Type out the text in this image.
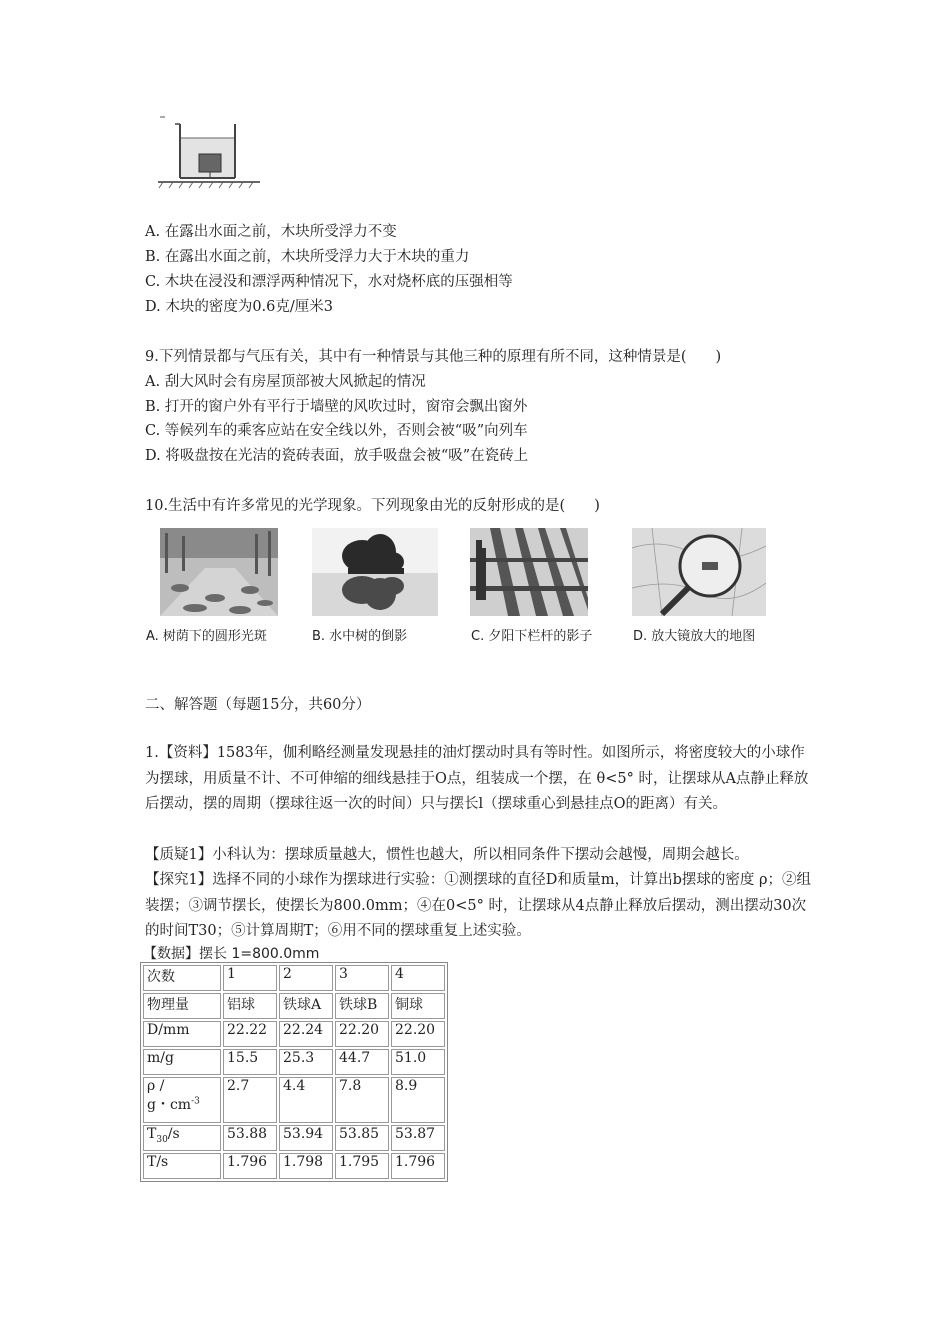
A. 在露出水面之前，木块所受浮力不变
B. 在露出水面之前，木块所受浮力大于木块的重力
C. 木块在浸没和漂浮两种情况下，水对烧杯底的压强相等
D. 木块的密度为0.6克/厘米3
9.下列情景都与气压有关，其中有一种情景与其他三种的原理有所不同，这种情景是(　　)
A. 刮大风时会有房屋顶部被大风掀起的情况
B. 打开的窗户外有平行于墙壁的风吹过时，窗帘会飘出窗外
C. 等候列车的乘客应站在安全线以外，否则会被“吸”向列车
D. 将吸盘按在光洁的瓷砖表面，放手吸盘会被“吸”在瓷砖上
10.生活中有许多常见的光学现象。下列现象由光的反射形成的是(　　)
A. 树荫下的圆形光斑	B. 水中树的倒影	C. 夕阳下栏杆的影子	D. 放大镜放大的地图
二、解答题（每题15分，共60分）
1.【资料】1583年，伽利略经测量发现悬挂的油灯摆动时具有等时性。如图所示，将密度较大的小球作为摆球，用质量不计、不可伸缩的细线悬挂于O点，组装成一个摆，在 θ<5° 时，让摆球从A点静止释放后摆动，摆的周期（摆球往返一次的时间）只与摆长l（摆球重心到悬挂点O的距离）有关。
【质疑1】小科认为：摆球质量越大，惯性也越大，所以相同条件下摆动会越慢，周期会越长。
【探究1】选择不同的小球作为摆球进行实验：①测摆球的直径D和质量m，计算出b摆球的密度 ρ；②组装摆；③调节摆长，使摆长为800.0mm；④在0<5° 时，让摆球从4点静止释放后摆动，测出摆动30次的时间T30；⑤计算周期T；⑥用不同的摆球重复上述实验。
【数据】摆长 1=800.0mm
次数	1	2	3	4
物理量	铝球	铁球A	铁球B	铜球
D/mm	22.22	22.24	22.20	22.20
m/g	15.5	25.3	44.7	51.0
ρ /
g・$cm^{-3}$	2.7	4.4	7.8	8.9
$T_{30}/s$	53.88	53.94	53.85	53.87
T/s	1.796	1.798	1.795	1.796
